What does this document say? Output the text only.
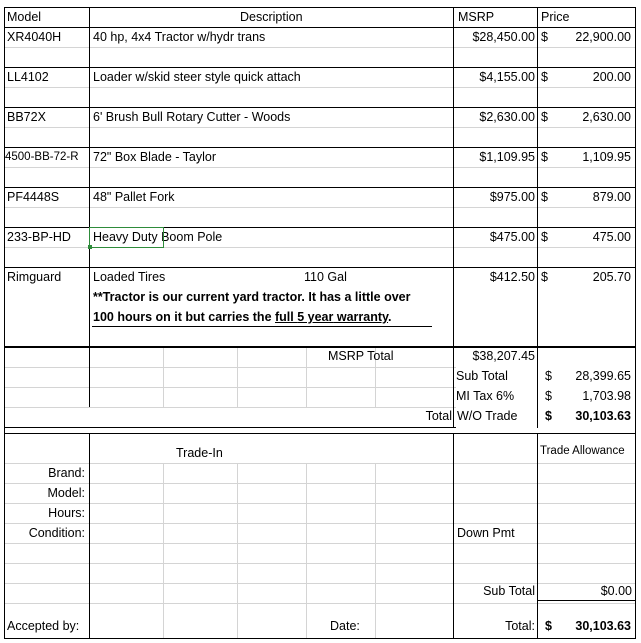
Model	Description	MSRP	Price
XR4040H	40 hp, 4x4 Tractor w/hydr trans	$28,450.00 $	22,900.00
LL4102	Loader w/skid steer style quick attach	$4,155.00 $	200.00
BB72X	6' Brush Bull Rotary Cutter - Woods	$2,630.00 $	2,630.00
4500-BB-72-R 72" Box Blade - Taylor	$1,109.95 $	1,109.95
PF4448S	48" Pallet Fork	$975.00 $	879.00
233-BP-HD Heavy Duty Boom Pole	$475.00 $	475.00
Rimguard	Loaded Tires	110 Gal	$412.50 $	205.70
**Tractor is our current yard tractor. It has a little over
100 hours on it but carries the full 5 year warranty.
MSRP Total	$38,207.45
Sub Total	$	28,399.65
MI Tax 6% $	1,703.98
Total W/O Trade $	30,103.63
Trade-In	Trade Allowance
Brand:
Model:
Hours:
Condition:	Down Pmt
Sub Total	$0.00
Accepted by:	Date:	Total: $	30,103.63
